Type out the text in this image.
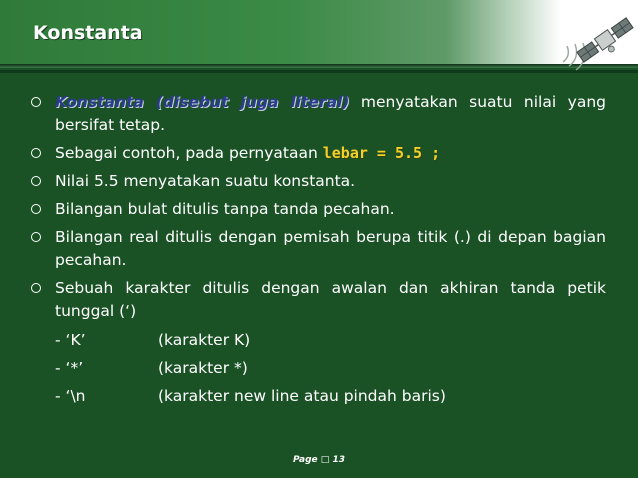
Konstanta
Konstanta (disebut juga literal) menyatakan suatu nilai yang bersifat tetap.
Sebagai contoh, pada pernyataan lebar = 5.5 ;
Nilai 5.5 menyatakan suatu konstanta.
Bilangan bulat ditulis tanpa tanda pecahan.
Bilangan real ditulis dengan pemisah berupa titik (.) di depan bagian pecahan.
Sebuah karakter ditulis dengan awalan dan akhiran tanda petik tunggal (‘)
- ‘K’	(karakter K)
- ‘*’	(karakter *)
- ‘\n	(karakter new line atau pindah baris)
Page □ 13
